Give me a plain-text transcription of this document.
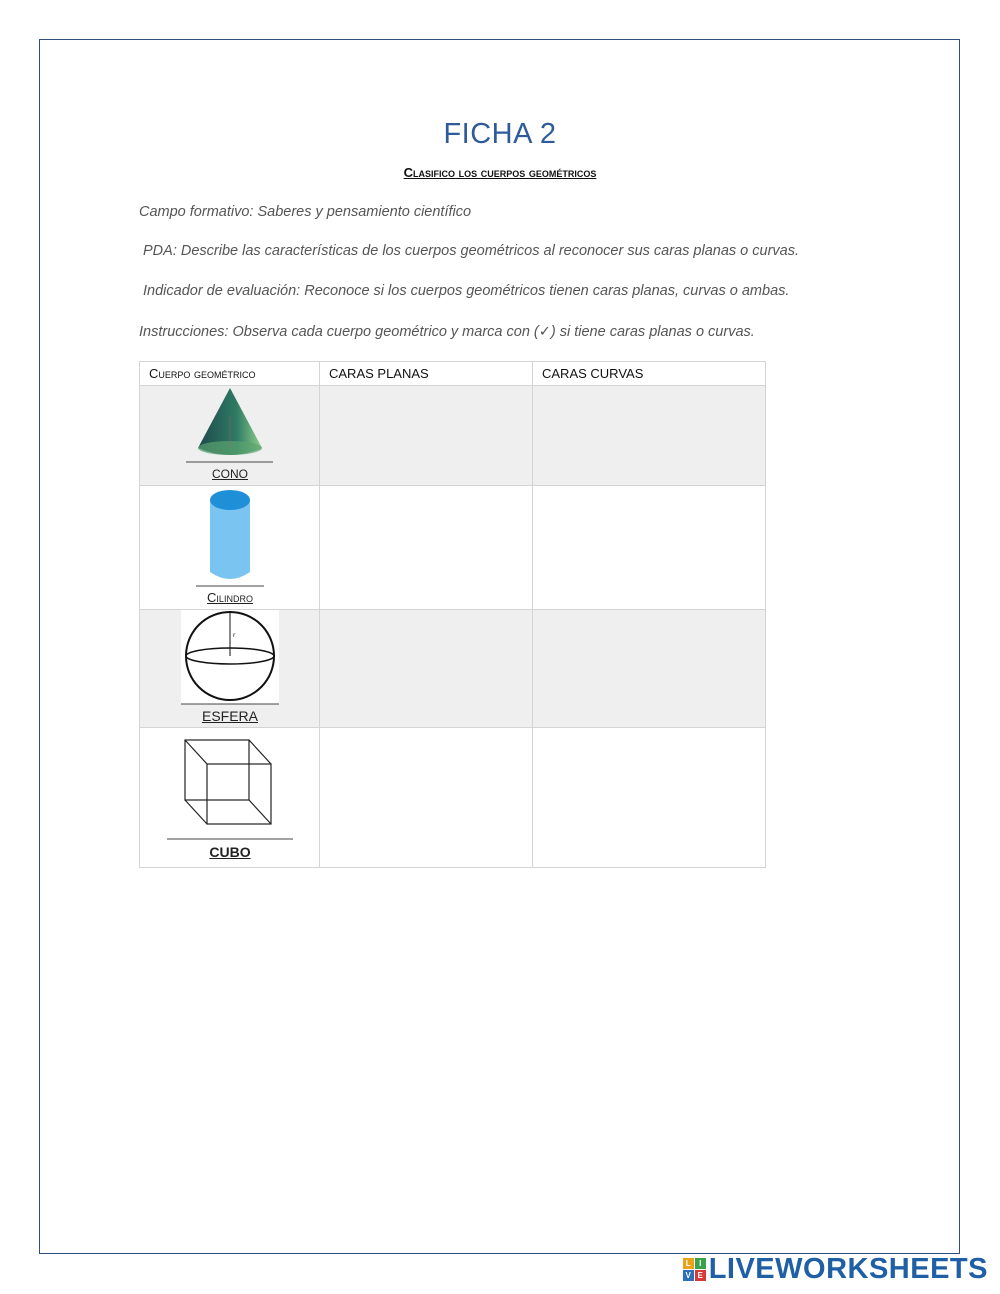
FICHA 2
Clasifico los cuerpos geométricos
Campo formativo: Saberes y pensamiento científico
PDA: Describe las características de los cuerpos geométricos al reconocer sus caras planas o curvas.
Indicador de evaluación: Reconoce si los cuerpos geométricos tienen caras planas, curvas o ambas.
Instrucciones: Observa cada cuerpo geométrico y marca con (✓) si tiene caras planas o curvas.
Cuerpo geométrico	CARAS PLANAS	CARAS CURVAS

CONO		

Cilindro		

r
ESFERA		

CUBO		

L	I
V E LIVEWORKSHEETS
